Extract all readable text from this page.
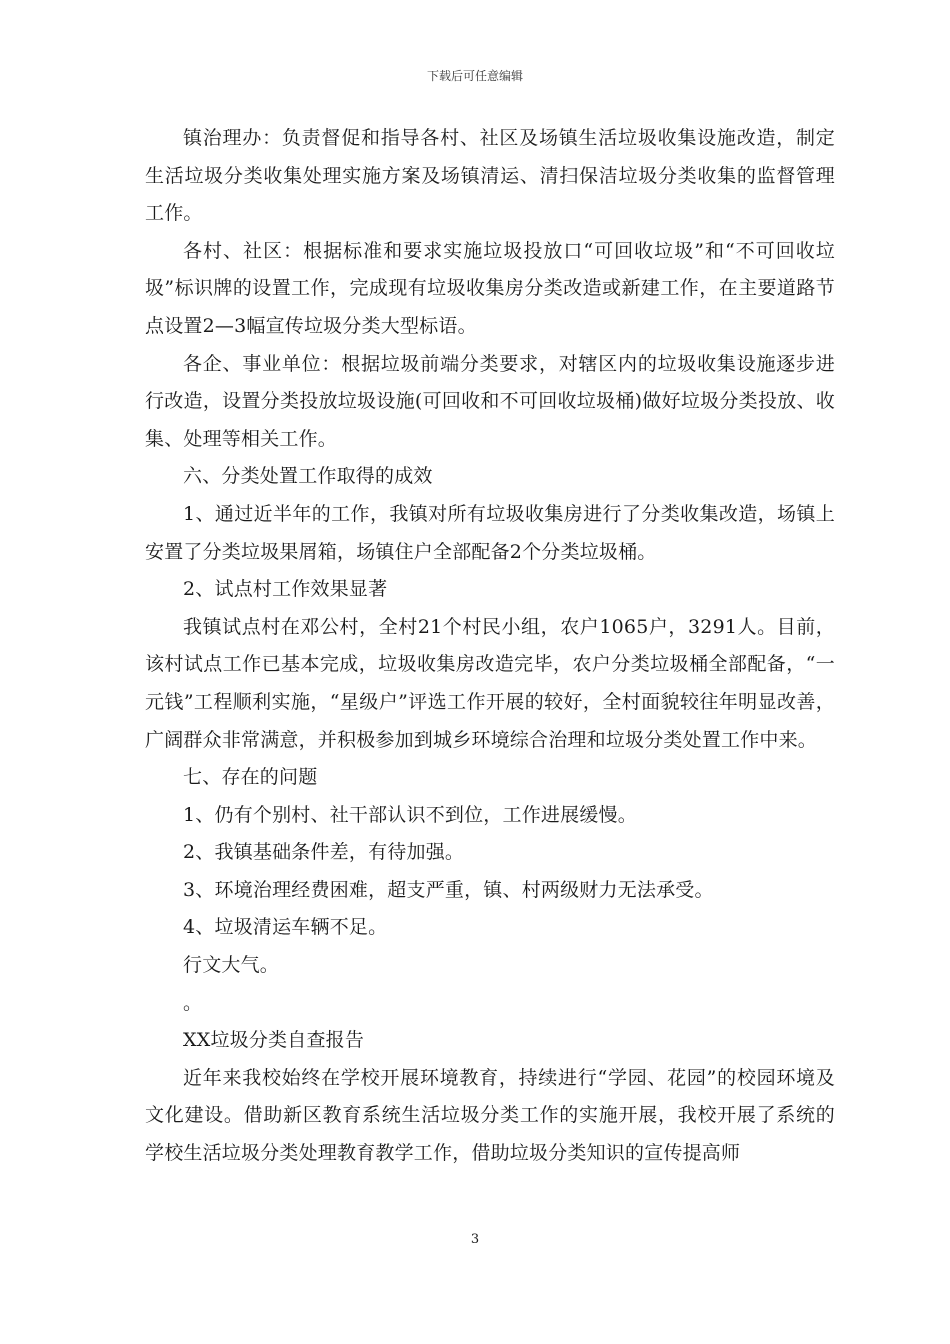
下载后可任意编辑

镇治理办：负责督促和指导各村、社区及场镇生活垃圾收集设施改造，制定生活垃圾分类收集处理实施方案及场镇清运、清扫保洁垃圾分类收集的监督管理工作。

各村、社区：根据标准和要求实施垃圾投放口“可回收垃圾”和“不可回收垃圾”标识牌的设置工作，完成现有垃圾收集房分类改造或新建工作，在主要道路节点设置2—3幅宣传垃圾分类大型标语。

各企、事业单位：根据垃圾前端分类要求，对辖区内的垃圾收集设施逐步进行改造，设置分类投放垃圾设施(可回收和不可回收垃圾桶)做好垃圾分类投放、收集、处理等相关工作。

六、分类处置工作取得的成效

1、通过近半年的工作，我镇对所有垃圾收集房进行了分类收集改造，场镇上安置了分类垃圾果屑箱，场镇住户全部配备2个分类垃圾桶。

2、试点村工作效果显著

我镇试点村在邓公村，全村21个村民小组，农户1065户，3291人。目前，该村试点工作已基本完成，垃圾收集房改造完毕，农户分类垃圾桶全部配备，“一元钱”工程顺利实施，“星级户”评选工作开展的较好，全村面貌较往年明显改善，广阔群众非常满意，并积极参加到城乡环境综合治理和垃圾分类处置工作中来。

七、存在的问题

1、仍有个别村、社干部认识不到位，工作进展缓慢。

2、我镇基础条件差，有待加强。

3、环境治理经费困难，超支严重，镇、村两级财力无法承受。

4、垃圾清运车辆不足。

行文大气。

。

XX垃圾分类自查报告

近年来我校始终在学校开展环境教育，持续进行“学园、花园”的校园环境及文化建设。借助新区教育系统生活垃圾分类工作的实施开展，我校开展了系统的学校生活垃圾分类处理教育教学工作，借助垃圾分类知识的宣传提高师

3
